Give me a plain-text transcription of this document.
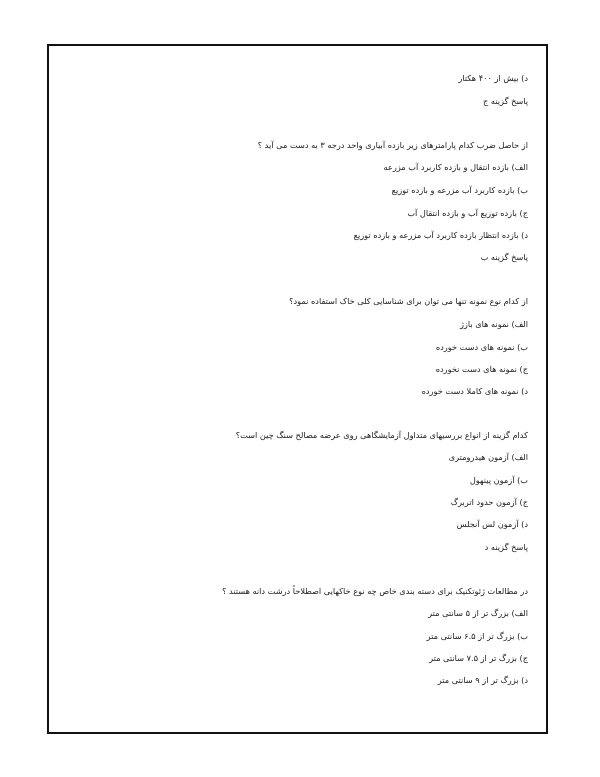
د) بیش از ۴۰۰ هکتار
پاسخ گزینه ج
از حاصل ضرب کدام پارامترهای زیر بازده آبیاری واحد درجه ۳ به دست می آید ؟
الف) بازده انتقال و بازده کاربرد آب مزرعه
ب) بازده کاربرد آب مزرعه و بازده توزیع
ج) بازده توزیع آب و بازده انتقال آب
د) بازده انتظار بازده کاربرد آب مزرعه و بازده توزیع
پاسخ گزینه ب
از کدام نوع نمونه تنها می توان برای شناسایی کلی خاک استفاده نمود؟
الف) نمونه های بازژ
ب) نمونه های دست خورده
ج) نمونه های دست نخورده
د) نمونه های کاملا دست خورده
کدام گزینه از انواع بررسیهای متداول آزمایشگاهی روی عرضه مصالح سنگ چین است؟
الف) آزمون هیدرومتری
ب) آزمون پینهول
ج) آزمون حدود اتربرگ
د) آزمون لس آنجلس
پاسخ گزینه د
در مطالعات ژئوتکنیک برای دسته بندی خاص چه نوع خاکهایی اصطلاحاً درشت دانه هستند ؟
الف) بزرگ تر از ۵ سانتی متر
ب) بزرگ تر از ۶.۵ سانتی متر
ج) بزرگ تر از ۷.۵ سانتی متر
د) بزرگ تر از ۹ سانتی متر
